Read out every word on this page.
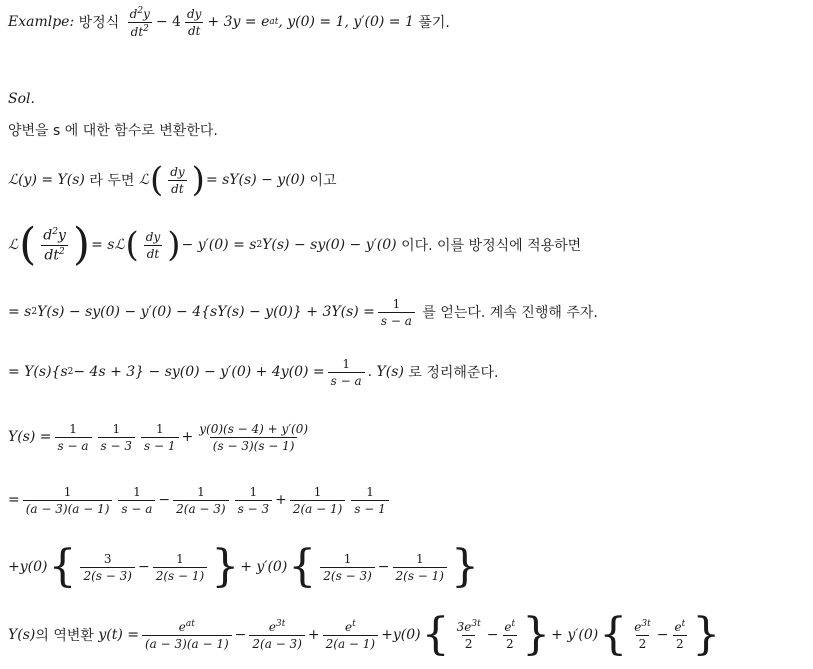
Examlpe:
방정식
$\frac{d^2y}{dt^2} - 4 \frac{dy}{dt} + 3y = e$ at , y(0) = 1, y′(0) = 1
풀기.
Sol.
양변을 s 에 대한 함수로 변환한다.
ℒ(y) = Y(s)
라 두면
ℒ ( $\frac{dy}{dt}$ ) = sY(s) − y(0)
이고
ℒ ( $\frac{d^2y}{dt^2}$ ) = sℒ ( $\frac{dy}{dt}$ ) − y′(0) = s 2 Y(s) − sy(0) − y′(0)
이다. 이를 방정식에 적용하면
= s 2 $Y(s) - sy(0) - y'(0) - 4\{sY(s) - y(0)\} + 3Y(s) = \frac{1}{s - a}$
를 얻는다. 계속 진행해 주자.
= Y(s){s $2 - 4s + 3\} - sy(0) - y'(0) + 4y(0) = \frac{1}{s - a}$ . Y(s)
로 정리해준다.
$Y(s) = \frac{1}{s - a} \frac{1}{s - 3} \frac{1}{s - 1} + \frac{y(0)(s - 4) + y'(0)}{(s - 3)(s - 1)}$
= $\frac{1}{(a - 3)(a - 1)} \frac{1}{s - a} - \frac{1}{2(a - 3)} \frac{1}{s - 3} + \frac{1}{2(a - 1)} \frac{1}{s - 1}$
+y(0) { $\frac{3}{2(s - 3)} - \frac{1}{2(s - 1)}$ } + y′(0) { $\frac{1}{2(s - 3)} - \frac{1}{2(s - 1)}$ }
Y(s) 의 역변환
$y(t) = \frac{e^{at}}{(a - 3)(a - 1)} - \frac{e^{3t}}{2(a - 3)} + \frac{e^t}{2(a - 1)} +y(0)$ { $\frac{3e^{3t}}{2} - \frac{e^t}{2}$ } + y′(0) { $\frac{e^{3t}}{2} - \frac{e^t}{2}$ }
